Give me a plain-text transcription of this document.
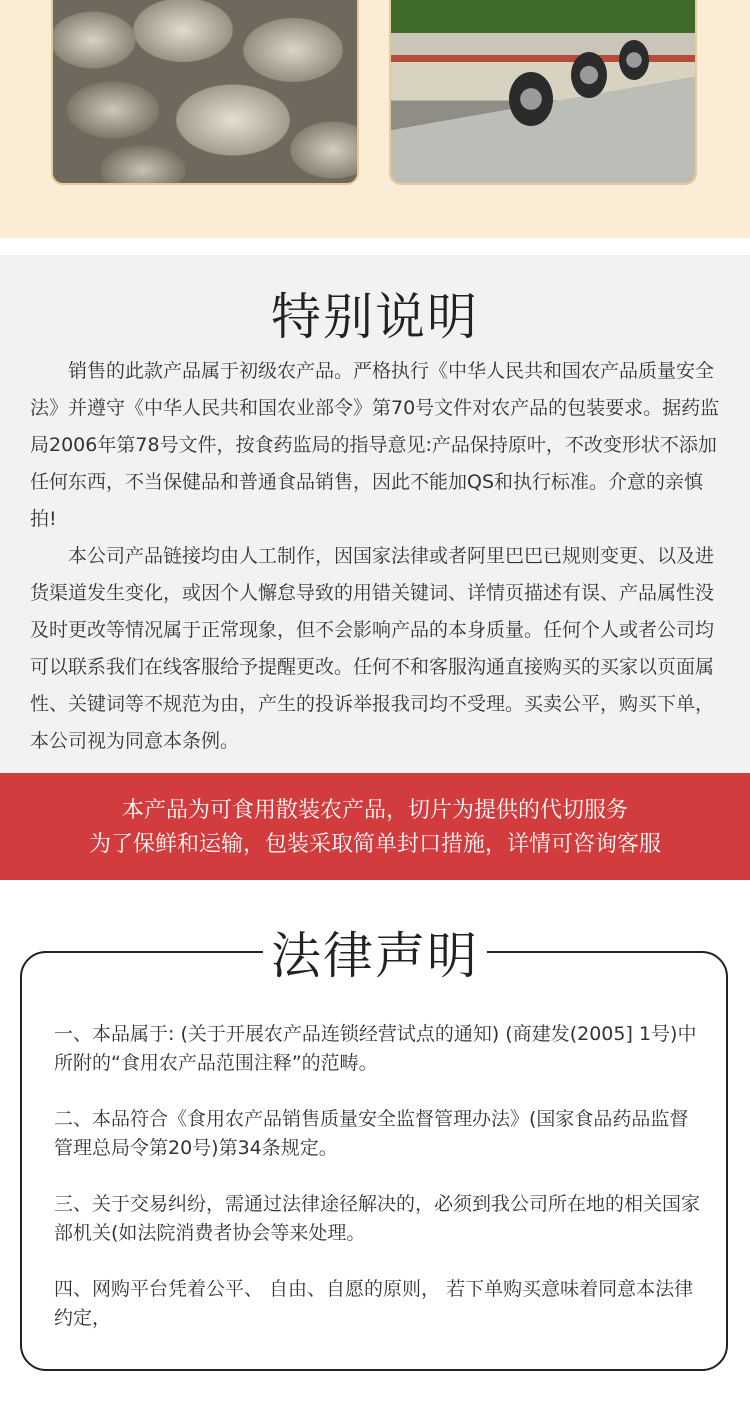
特别说明

销售的此款产品属于初级农产品。严格执行《中华人民共和国农产品质量安全法》并遵守《中华人民共和国农业部令》第70号文件对农产品的包装要求。据药监局2006年第78号文件，按食药监局的指导意见:产品保持原叶，不改变形状不添加任何东西，不当保健品和普通食品销售，因此不能加QS和执行标准。介意的亲慎拍!

本公司产品链接均由人工制作，因国家法律或者阿里巴巴已规则变更、以及进货渠道发生变化，或因个人懈怠导致的用错关键词、详情页描述有误、产品属性没及时更改等情况属于正常现象，但不会影响产品的本身质量。任何个人或者公司均可以联系我们在线客服给予提醒更改。任何不和客服沟通直接购买的买家以页面属性、关键词等不规范为由，产生的投诉举报我司均不受理。买卖公平，购买下单，本公司视为同意本条例。

本产品为可食用散装农产品，切片为提供的代切服务
为了保鲜和运输，包装采取简单封口措施，详情可咨询客服
法律声明

一、本品属于: (关于开展农产品连锁经营试点的通知) (商建发(2005] 1号)中所附的“食用农产品范围注释”的范畴。

二、本品符合《食用农产品销售质量安全监督管理办法》(国家食品药品监督管理总局令第20号)第34条规定。

三、关于交易纠纷，需通过法律途径解决的，必须到我公司所在地的相关国家部机关(如法院消费者协会等来处理。

四、网购平台凭着公平、 自由、自愿的原则， 若下单购买意味着同意本法律约定，
